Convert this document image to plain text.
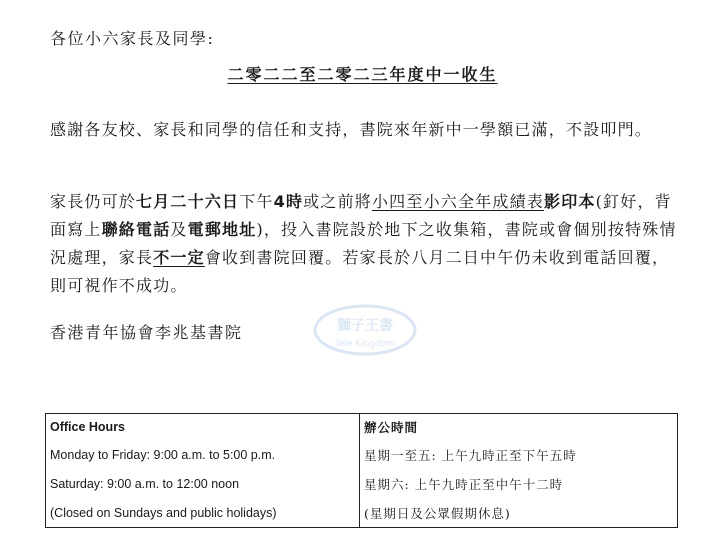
各位小六家長及同學:
二零二二至二零二三年度中一收生
感謝各友校、家長和同學的信任和支持，書院來年新中一學額已滿，不設叩門。
家長仍可於七月二十六日下午4時或之前將小四至小六全年成績表影印本(釘好，背面寫上聯絡電話及電郵地址)，投入書院設於地下之收集箱，書院或會個別按特殊情況處理，家長不一定會收到書院回覆。若家長於八月二日中午仍未收到電話回覆，則可視作不成功。
香港青年協會李兆基書院	獅子王書
Tele Kingdom
Office Hours	辦公時間
Monday to Friday: 9:00 a.m. to 5:00 p.m.	星期一至五: 上午九時正至下午五時
Saturday: 9:00 a.m. to 12:00 noon	星期六: 上午九時正至中午十二時
(Closed on Sundays and public holidays)	(星期日及公眾假期休息)
